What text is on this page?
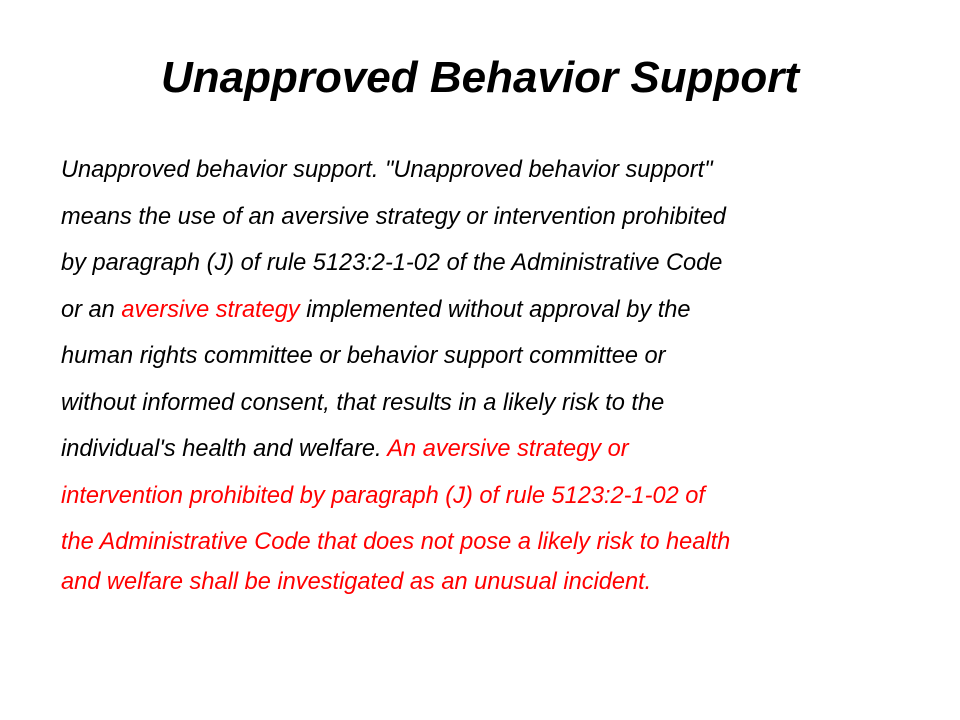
Unapproved Behavior Support
Unapproved behavior support. "Unapproved behavior support"
means the use of an aversive strategy or intervention prohibited
by paragraph (J) of rule 5123:2-1-02 of the Administrative Code
or an aversive strategy implemented without approval by the
human rights committee or behavior support committee or
without informed consent, that results in a likely risk to the
individual's health and welfare. An aversive strategy or
intervention prohibited by paragraph (J) of rule 5123:2-1-02 of
the Administrative Code that does not pose a likely risk to health
and welfare shall be investigated as an unusual incident.
